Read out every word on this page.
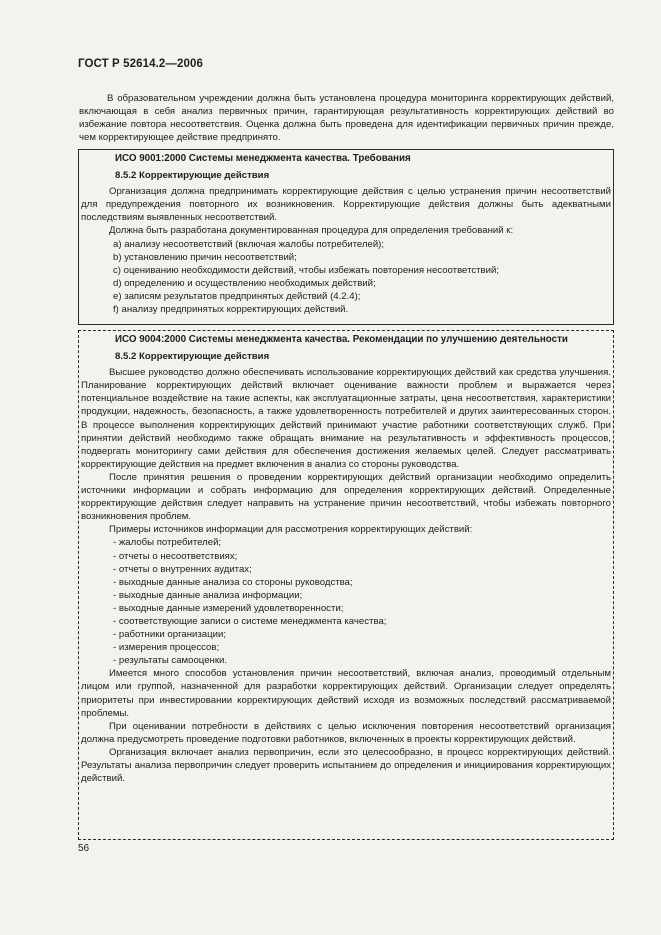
ГОСТ Р 52614.2—2006

В образовательном учреждении должна быть установлена процедура мониторинга корректирующих действий, включающая в себя анализ первичных причин, гарантирующая результативность корректирующих действий во избежание повтора несоответствия. Оценка должна быть проведена для идентификации первичных причин прежде, чем корректирующее действие предпринято.

ИСО 9001:2000 Системы менеджмента качества. Требования

8.5.2 Корректирующие действия

Организация должна предпринимать корректирующие действия с целью устранения причин несоответствий для предупреждения повторного их возникновения. Корректирующие действия должны быть адекватными последствиям выявленных несоответствий.

Должна быть разработана документированная процедура для определения требований к:

a) анализу несоответствий (включая жалобы потребителей);

b) установлению причин несоответствий;

c) оцениванию необходимости действий, чтобы избежать повторения несоответствий;

d) определению и осуществлению необходимых действий;

e) записям результатов предпринятых действий (4.2.4);

f) анализу предпринятых корректирующих действий.

ИСО 9004:2000 Системы менеджмента качества. Рекомендации по улучшению деятельности

8.5.2 Корректирующие действия

Высшее руководство должно обеспечивать использование корректирующих действий как средства улучшения. Планирование корректирующих действий включает оценивание важности проблем и выражается через потенциальное воздействие на такие аспекты, как эксплуатационные затраты, цена несоответствия, характеристики продукции, надежность, безопасность, а также удовлетворенность потребителей и других заинтересованных сторон. В процессе выполнения корректирующих действий принимают участие работники соответствующих служб. При принятии действий необходимо также обращать внимание на результативность и эффективность процессов, подвергать мониторингу сами действия для обеспечения достижения желаемых целей. Следует рассматривать корректирующие действия на предмет включения в анализ со стороны руководства.

После принятия решения о проведении корректирующих действий организации необходимо определить источники информации и собрать информацию для определения корректирующих действий. Определенные корректирующие действия следует направить на устранение причин несоответствий, чтобы избежать повторного возникновения проблем.

Примеры источников информации для рассмотрения корректирующих действий:

- жалобы потребителей;

- отчеты о несоответствиях;

- отчеты о внутренних аудитах;

- выходные данные анализа со стороны руководства;

- выходные данные анализа информации;

- выходные данные измерений удовлетворенности;

- соответствующие записи о системе менеджмента качества;

- работники организации;

- измерения процессов;

- результаты самооценки.

Имеется много способов установления причин несоответствий, включая анализ, проводимый отдельным лицом или группой, назначенной для разработки корректирующих действий. Организации следует определять приоритеты при инвестировании корректирующих действий исходя из возможных последствий рассматриваемой проблемы.

При оценивании потребности в действиях с целью исключения повторения несоответствий организация должна предусмотреть проведение подготовки работников, включенных в проекты корректирующих действий.

Организация включает анализ первопричин, если это целесообразно, в процесс корректирующих действий. Результаты анализа первопричин следует проверить испытанием до определения и инициирования корректирующих действий.

56
